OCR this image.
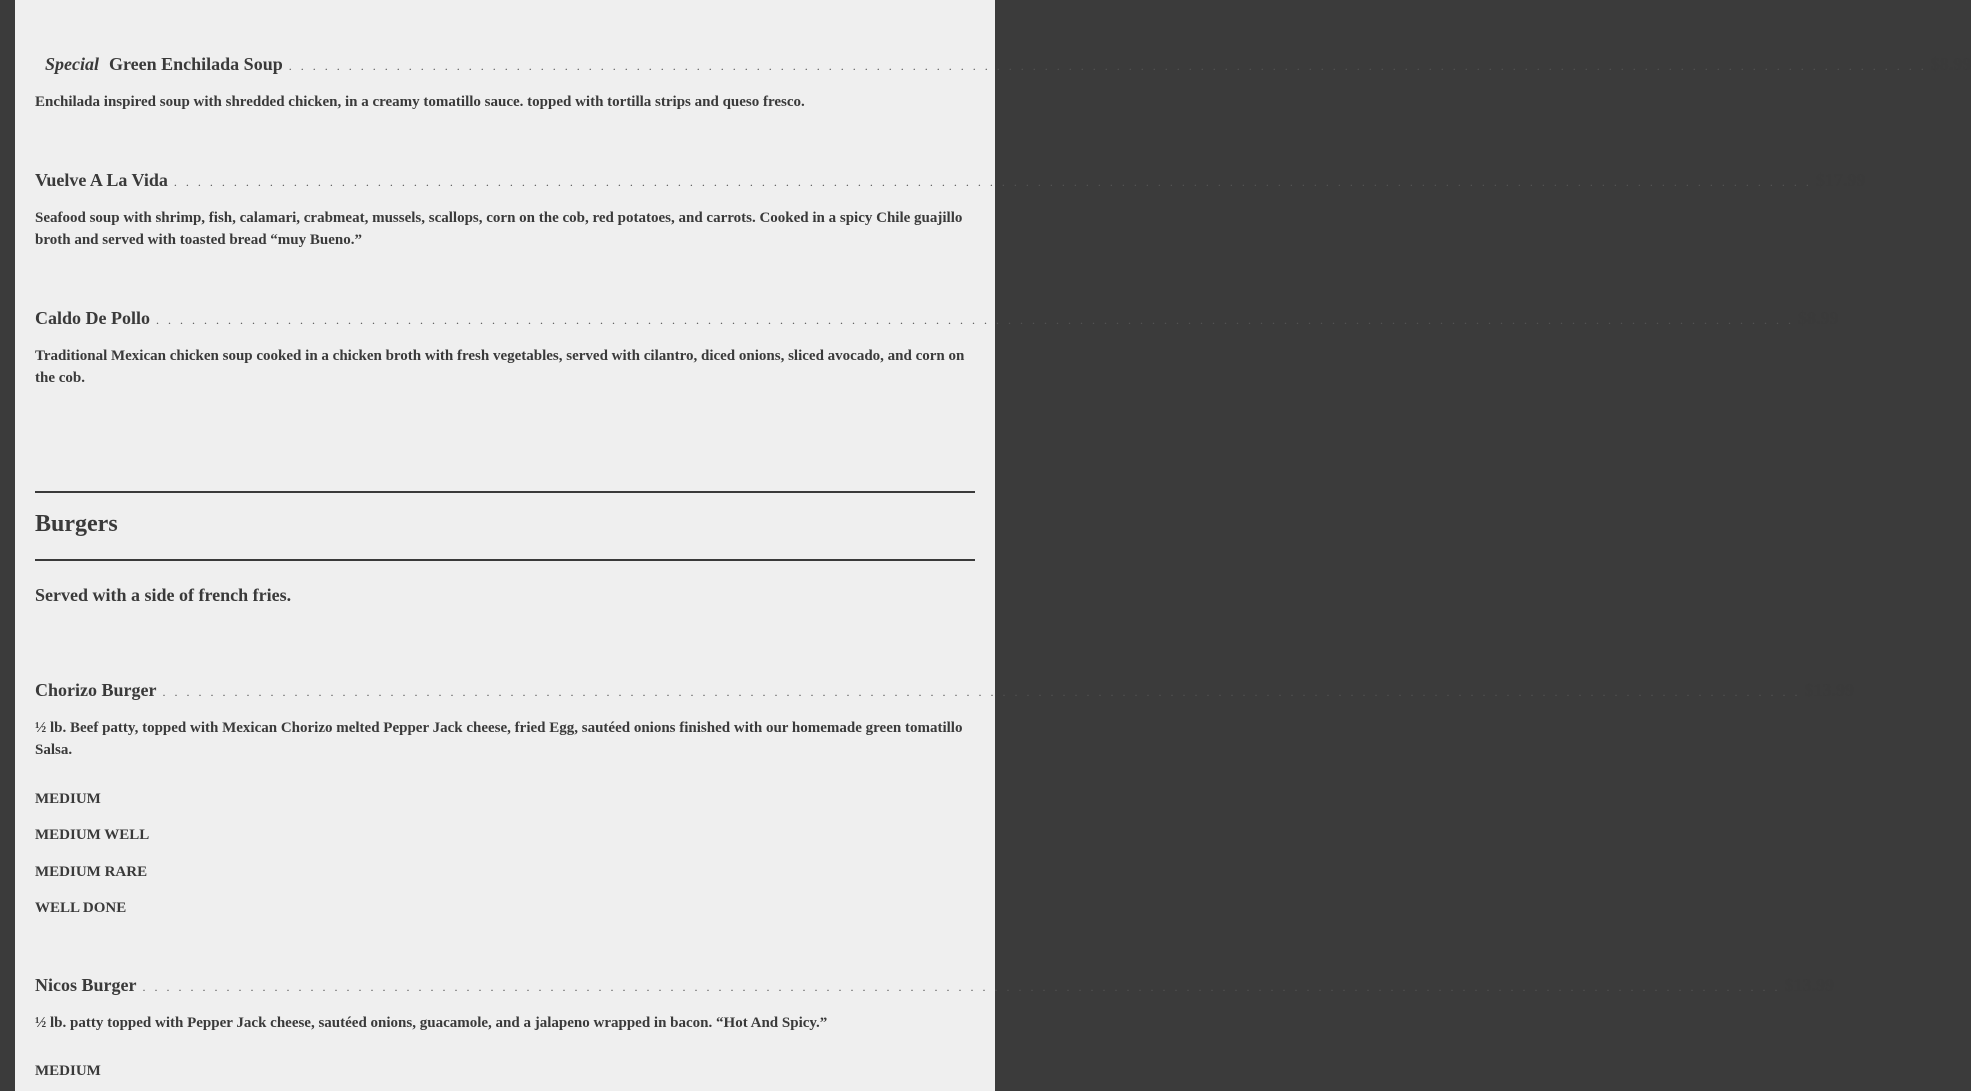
Special Green Enchilada Soup . . . . . . . . . . . . . . . . . . . . . . . . . . . . . . . . . . . . . . . . . . . . . . . . . . . . . . . . . . . . . . . . . . . . . . . . . . . . . . . . . . . . . . . . . . . . . . . . . . . . . . . . . . . . . . . . . . . . . . . . . . . . . . . . . . . . . . . . . $8.99
Enchilada inspired soup with shredded chicken, in a creamy tomatillo sauce. topped with tortilla strips and queso fresco.
Vuelve A La Vida . . . . . . . . . . . . . . . . . . . . . . . . . . . . . . . . . . . . . . . . . . . . . . . . . . . . . . . . . . . . . . . . . . . . . . . . . . . . . . . . . . . . . . . . . . . . . . . . . . . . . . . . . . . . . . . . . . . . . . . . . . . . . . . . . . . . . . . . . $17.99
Seafood soup with shrimp, fish, calamari, crabmeat, mussels, scallops, corn on the cob, red potatoes, and carrots. Cooked in a spicy Chile guajillo broth and served with toasted bread “muy Bueno.”
Caldo De Pollo . . . . . . . . . . . . . . . . . . . . . . . . . . . . . . . . . . . . . . . . . . . . . . . . . . . . . . . . . . . . . . . . . . . . . . . . . . . . . . . . . . . . . . . . . . . . . . . . . . . . . . . . . . . . . . . . . . . . . . . . . . . . . . . . . . . . . . . . . $8.99
Traditional Mexican chicken soup cooked in a chicken broth with fresh vegetables, served with cilantro, diced onions, sliced avocado, and corn on the cob.
Burgers
Served with a side of french fries.
Chorizo Burger . . . . . . . . . . . . . . . . . . . . . . . . . . . . . . . . . . . . . . . . . . . . . . . . . . . . . . . . . . . . . . . . . . . . . . . . . . . . . . . . . . . . . . . . . . . . . . . . . . . . . . . . . . . . . . . . . . . . . . . . . . . . . . . . . . . . . . . . . $13.99
½ lb. Beef patty, topped with Mexican Chorizo melted Pepper Jack cheese, fried Egg, sautéed onions finished with our homemade green tomatillo Salsa.
MEDIUM
MEDIUM WELL
MEDIUM RARE
WELL DONE
Nicos Burger . . . . . . . . . . . . . . . . . . . . . . . . . . . . . . . . . . . . . . . . . . . . . . . . . . . . . . . . . . . . . . . . . . . . . . . . . . . . . . . . . . . . . . . . . . . . . . . . . . . . . . . . . . . . . . . . . . . . . . . . . . . . . . . . . . . . . . . . . $13.99
½ lb. patty topped with Pepper Jack cheese, sautéed onions, guacamole, and a jalapeno wrapped in bacon. “Hot And Spicy.”
MEDIUM
